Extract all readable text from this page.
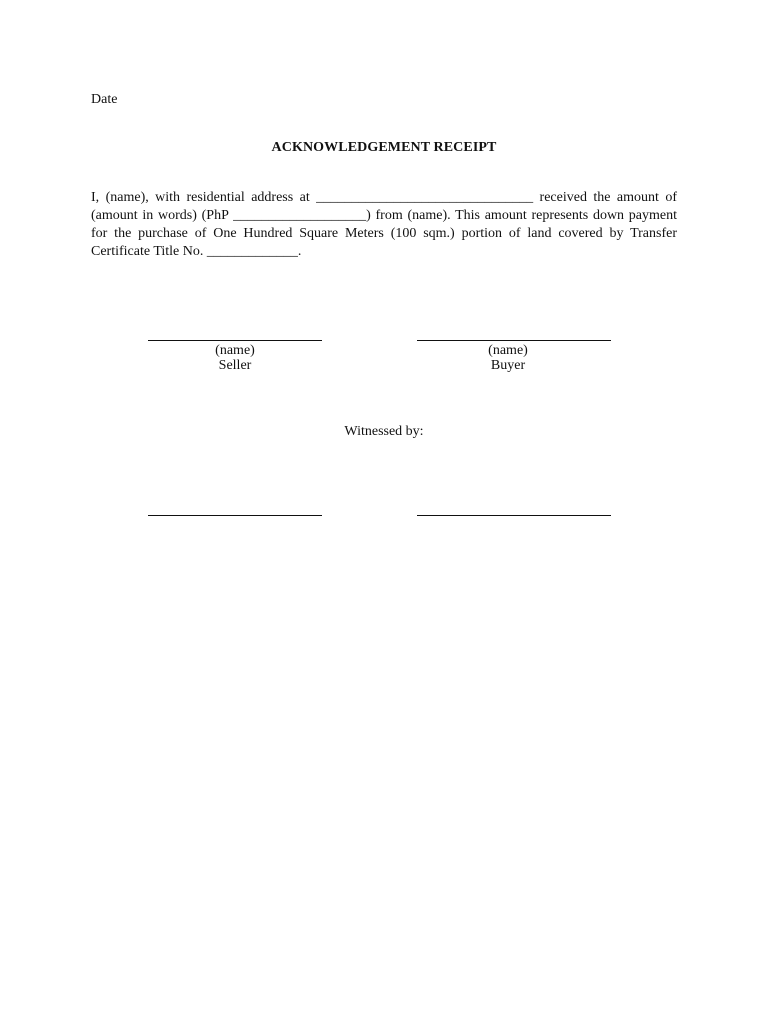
Date
ACKNOWLEDGEMENT RECEIPT

I, (name), with residential address at _______________________________ received the amount of (amount in words) (PhP ___________________) from (name). This amount represents down payment for the purchase of One Hundred Square Meters (100 sqm.) portion of land covered by Transfer Certificate Title No. _____________.

(name)
Seller
(name)
Buyer
Witnessed by:
